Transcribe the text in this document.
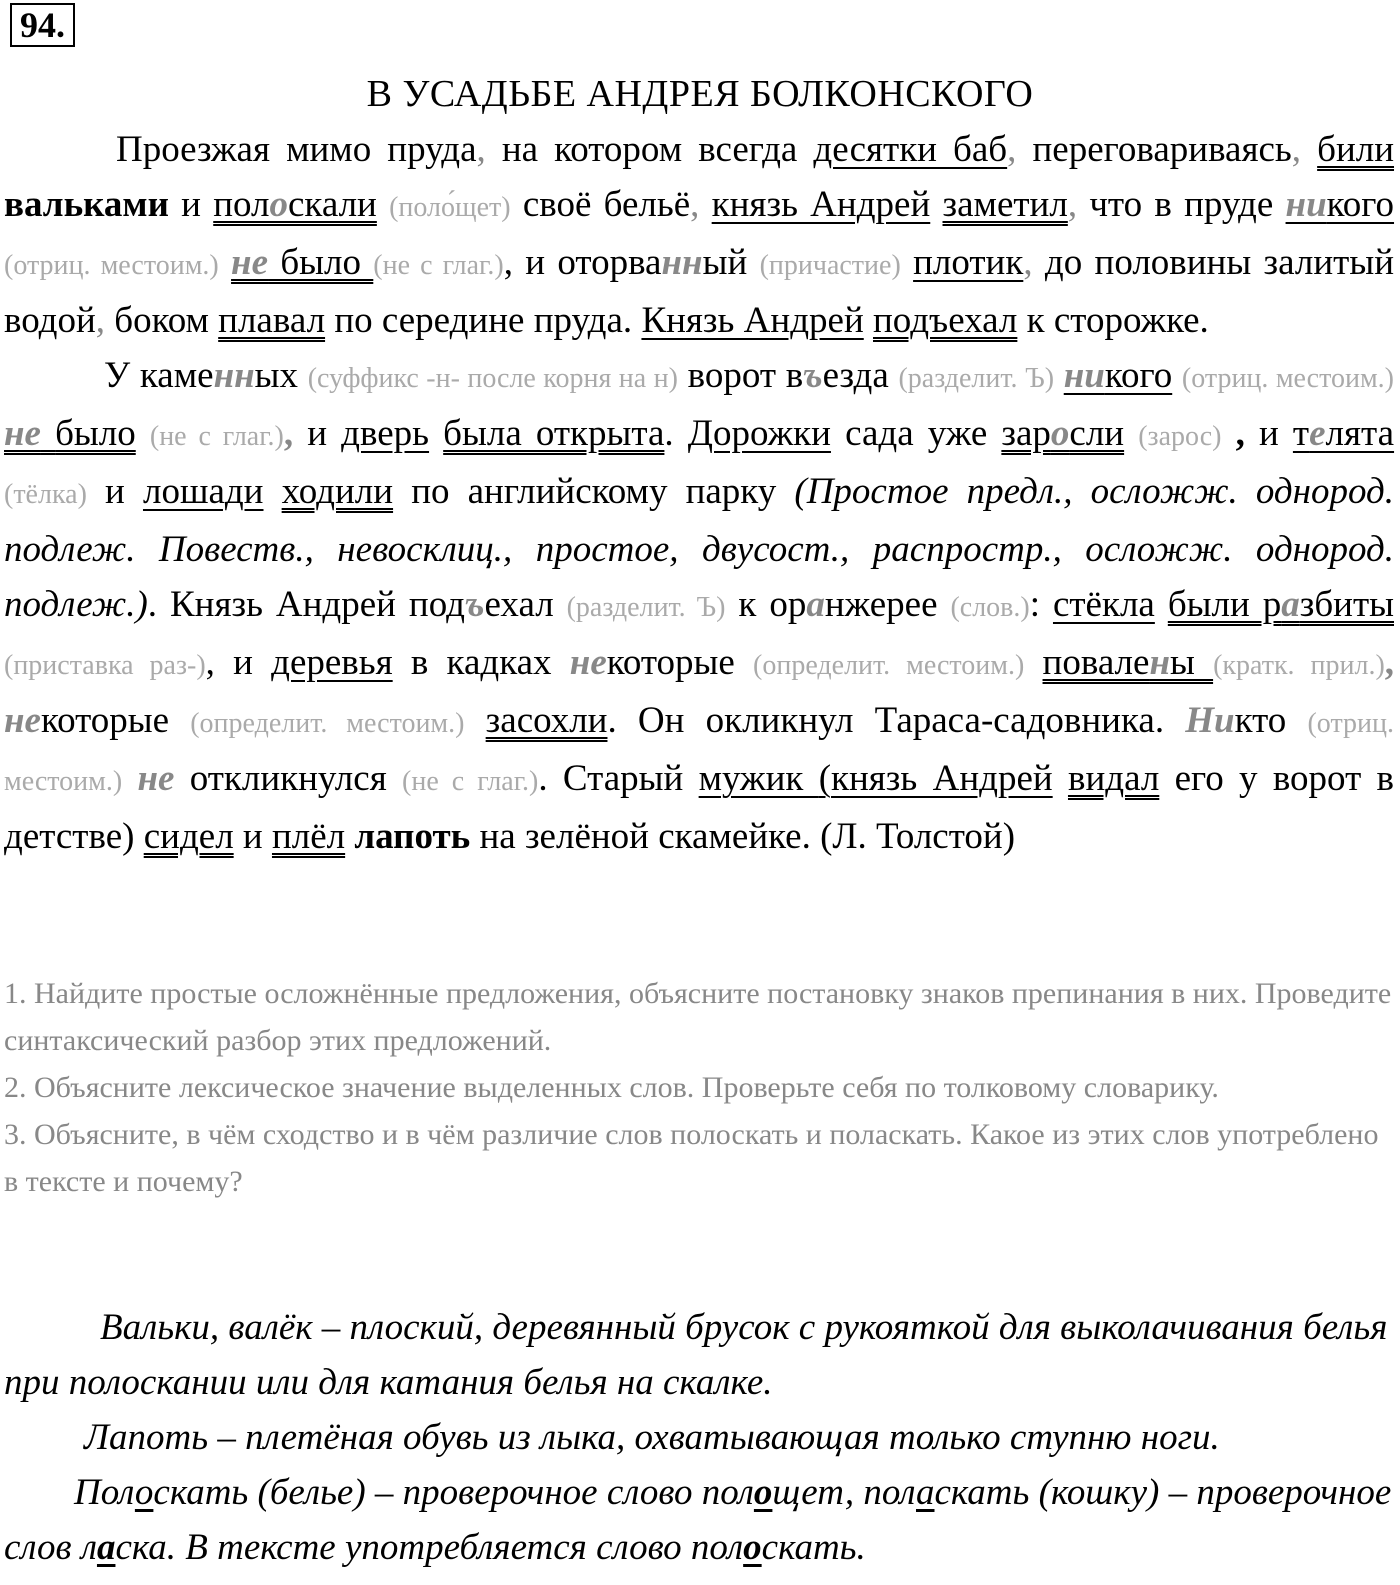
94.
В УСАДЬБЕ АНДРЕЯ БОЛКОНСКОГО

Проезжая мимо пруда, на котором всегда десятки баб, переговариваясь, били вальками и полоскали (поло́щет) своё бельё, князь Андрей заметил, что в пруде никого (отриц. местоим.) не было (не с глаг.), и оторванный (причастие) плотик, до половины залитый водой, боком плавал по середине пруда. Князь Андрей подъехал к сторожке.

У каменных (суффикс -н- после корня на н) ворот въезда (разделит. Ъ) никого (отриц. местоим.) не было (не с глаг.), и дверь была открыта. Дорожки сада уже заросли (зарос) , и телята (тёлка) и лошади ходили по английскому парку (Простое предл., осложж. однород. подлеж. Повеств., невосклиц., простое, двусост., распростр., осложж. однород. подлеж.). Князь Андрей подъехал (разделит. Ъ) к оранжерее (слов.): стёкла были разбиты (приставка раз-), и деревья в кадках некоторые (определит. местоим.) повалены (кратк. прил.), некоторые (определит. местоим.) засохли. Он окликнул Тараса-садовника. Никто (отриц. местоим.) не откликнулся (не с глаг.). Старый мужик (князь Андрей видал его у ворот в детстве) сидел и плёл лапоть на зелёной скамейке. (Л. Толстой)

1. Найдите простые осложнённые предложения, объясните постановку знаков препинания в них. Проведите синтаксический разбор этих предложений.

2. Объясните лексическое значение выделенных слов. Проверьте себя по толковому словарику.

3. Объясните, в чём сходство и в чём различие слов полоскать и поласкать. Какое из этих слов употреблено в тексте и почему?

Вальки, валёк – плоский, деревянный брусок с рукояткой для выколачивания белья при полоскании или для катания белья на скалке.

Лапоть – плетёная обувь из лыка, охватывающая только ступню ноги.

Полоскать (белье) – проверочное слово полощет, поласкать (кошку) – проверочное слов ласка. В тексте употребляется слово полоскать.
